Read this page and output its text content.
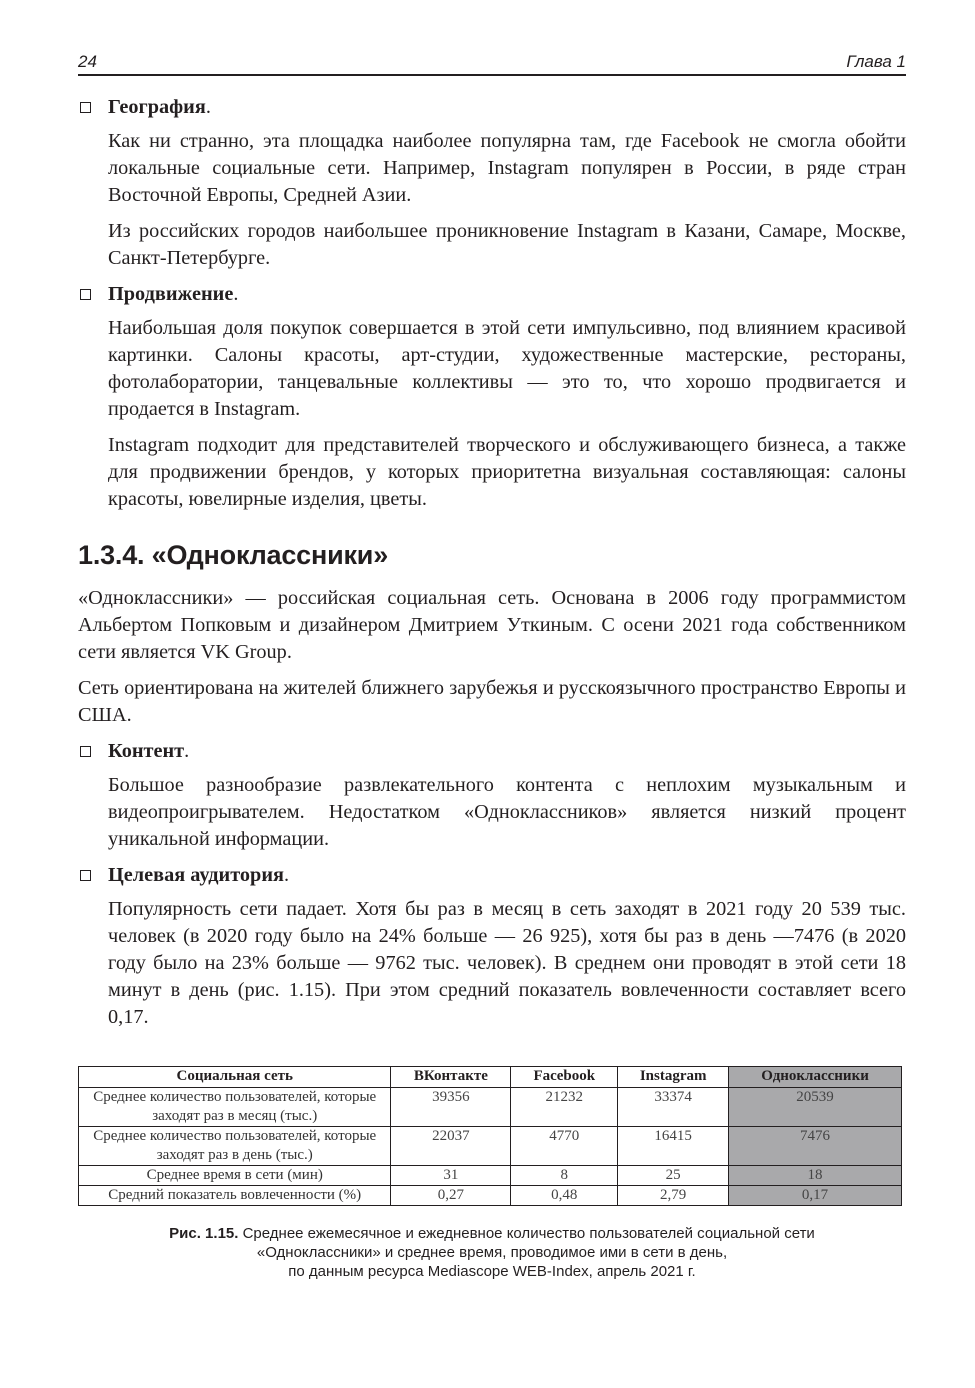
24	Глава 1
География.

Как ни странно, эта площадка наиболее популярна там, где Facebook не смогла обойти локальные социальные сети. Например, Instagram популярен в России, в ряде стран Восточной Европы, Средней Азии.

Из российских городов наибольшее проникновение Instagram в Казани, Самаре, Москве, Санкт-Петербурге.

Продвижение.

Наибольшая доля покупок совершается в этой сети импульсивно, под влиянием красивой картинки. Салоны красоты, арт-студии, художественные мастерские, рестораны, фотолаборатории, танцевальные коллективы — это то, что хорошо продвигается и продается в Instagram.

Instagram подходит для представителей творческого и обслуживающего бизнеса, а также для продвижении брендов, у которых приоритетна визуальная составляющая: салоны красоты, ювелирные изделия, цветы.

1.3.4. «Одноклассники»

«Одноклассники» — российская социальная сеть. Основана в 2006 году программистом Альбертом Попковым и дизайнером Дмитрием Уткиным. С осени 2021 года собственником сети является VK Group.

Сеть ориентирована на жителей ближнего зарубежья и русскоязычного пространство Европы и США.

Контент.

Большое разнообразие развлекательного контента с неплохим музыкальным и видеопроигрывателем. Недостатком «Одноклассников» является низкий процент уникальной информации.

Целевая аудитория.

Популярность сети падает. Хотя бы раз в месяц в сеть заходят в 2021 году 20 539 тыс. человек (в 2020 году было на 24% больше — 26 925), хотя бы раз в день —7476 (в 2020 году было на 23% больше — 9762 тыс. человек). В среднем они проводят в этой сети 18 минут в день (рис. 1.15). При этом средний показатель вовлеченности составляет всего 0,17.

Социальная сеть	ВКонтакте	Facebook	Instagram	Одноклассники
Среднее количество пользователей, которые заходят раз в месяц (тыс.)	39356	21232	33374	20539
Среднее количество пользователей, которые заходят раз в день (тыс.)	22037	4770	16415	7476
Среднее время в сети (мин)	31	8	25	18
Средний показатель вовлеченности (%)	0,27	0,48	2,79	0,17
Рис. 1.15. Среднее ежемесячное и ежедневное количество пользователей социальной сети
«Одноклассники» и среднее время, проводимое ими в сети в день,
по данным ресурса Mediascope WEB-Index, апрель 2021 г.
